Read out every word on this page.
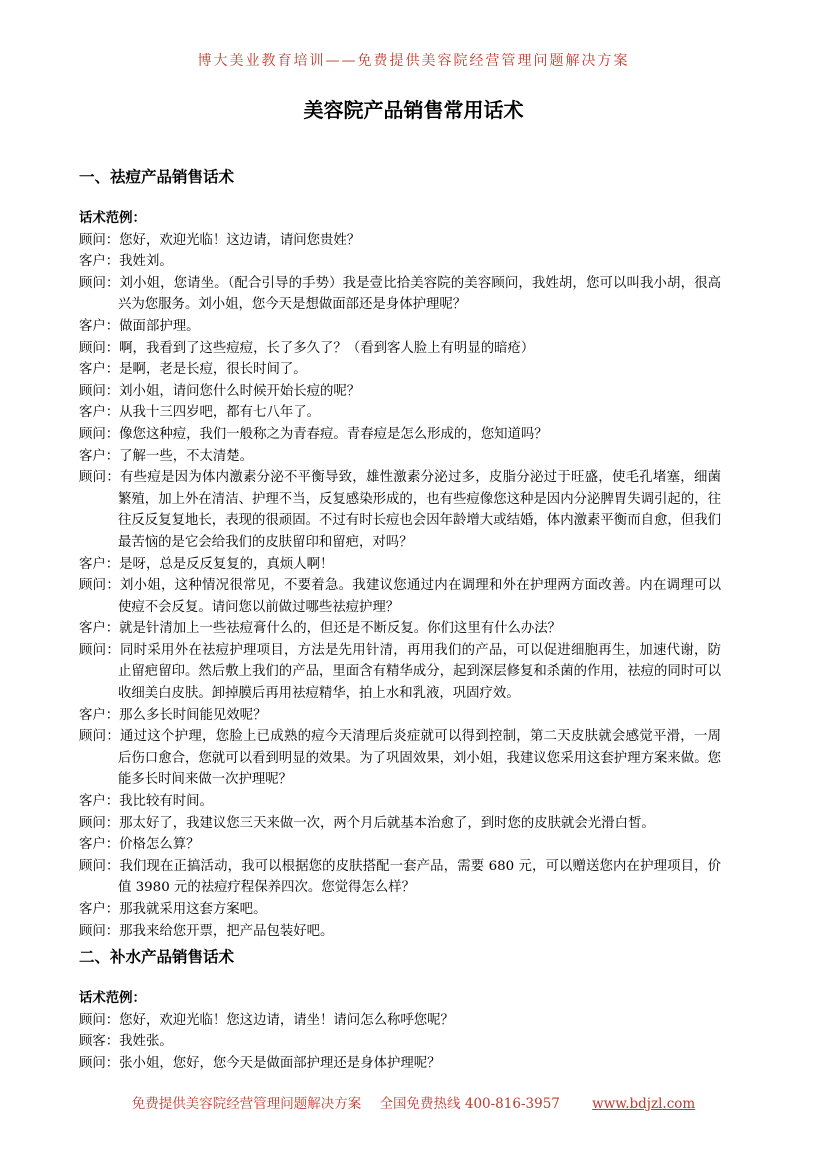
博大美业教育培训——免费提供美容院经营管理问题解决方案
美容院产品销售常用话术
一、祛痘产品销售话术

话术范例：

顾问：您好，欢迎光临！这边请，请问您贵姓？

客户：我姓刘。

顾问：刘小姐，您请坐。（配合引导的手势）我是壹比拾美容院的美容顾问，我姓胡，您可以叫我小胡，很高兴为您服务。刘小姐，您今天是想做面部还是身体护理呢？

客户：做面部护理。

顾问：啊，我看到了这些痘痘，长了多久了？（看到客人脸上有明显的暗疮）

客户：是啊，老是长痘，很长时间了。

顾问：刘小姐，请问您什么时候开始长痘的呢？

客户：从我十三四岁吧，都有七八年了。

顾问：像您这种痘，我们一般称之为青春痘。青春痘是怎么形成的，您知道吗？

客户：了解一些，不太清楚。

顾问：有些痘是因为体内激素分泌不平衡导致，雄性激素分泌过多，皮脂分泌过于旺盛，使毛孔堵塞，细菌繁殖，加上外在清洁、护理不当，反复感染形成的，也有些痘像您这种是因内分泌脾胃失调引起的，往往反反复复地长，表现的很顽固。不过有时长痘也会因年龄增大或结婚，体内激素平衡而自愈，但我们最苦恼的是它会给我们的皮肤留印和留疤，对吗？

客户：是呀，总是反反复复的，真烦人啊！

顾问：刘小姐，这种情况很常见，不要着急。我建议您通过内在调理和外在护理两方面改善。内在调理可以使痘不会反复。请问您以前做过哪些祛痘护理？

客户：就是针清加上一些祛痘膏什么的，但还是不断反复。你们这里有什么办法？

顾问：同时采用外在祛痘护理项目，方法是先用针清，再用我们的产品，可以促进细胞再生，加速代谢，防止留疤留印。然后敷上我们的产品，里面含有精华成分，起到深层修复和杀菌的作用，祛痘的同时可以收细美白皮肤。卸掉膜后再用祛痘精华，拍上水和乳液，巩固疗效。

客户：那么多长时间能见效呢？

顾问：通过这个护理，您脸上已成熟的痘今天清理后炎症就可以得到控制，第二天皮肤就会感觉平滑，一周后伤口愈合，您就可以看到明显的效果。为了巩固效果，刘小姐，我建议您采用这套护理方案来做。您能多长时间来做一次护理呢？

客户：我比较有时间。

顾问：那太好了，我建议您三天来做一次，两个月后就基本治愈了，到时您的皮肤就会光滑白皙。

客户：价格怎么算？

顾问：我们现在正搞活动，我可以根据您的皮肤搭配一套产品，需要 680 元，可以赠送您内在护理项目，价值 3980 元的祛痘疗程保养四次。您觉得怎么样？

客户：那我就采用这套方案吧。

顾问：那我来给您开票，把产品包装好吧。

二、补水产品销售话术

话术范例：

顾问：您好，欢迎光临！您这边请，请坐！请问怎么称呼您呢？

顾客：我姓张。

顾问：张小姐，您好，您今天是做面部护理还是身体护理呢？

免费提供美容院经营管理问题解决方案 全国免费热线 400-816-3957 www.bdjzl.com
